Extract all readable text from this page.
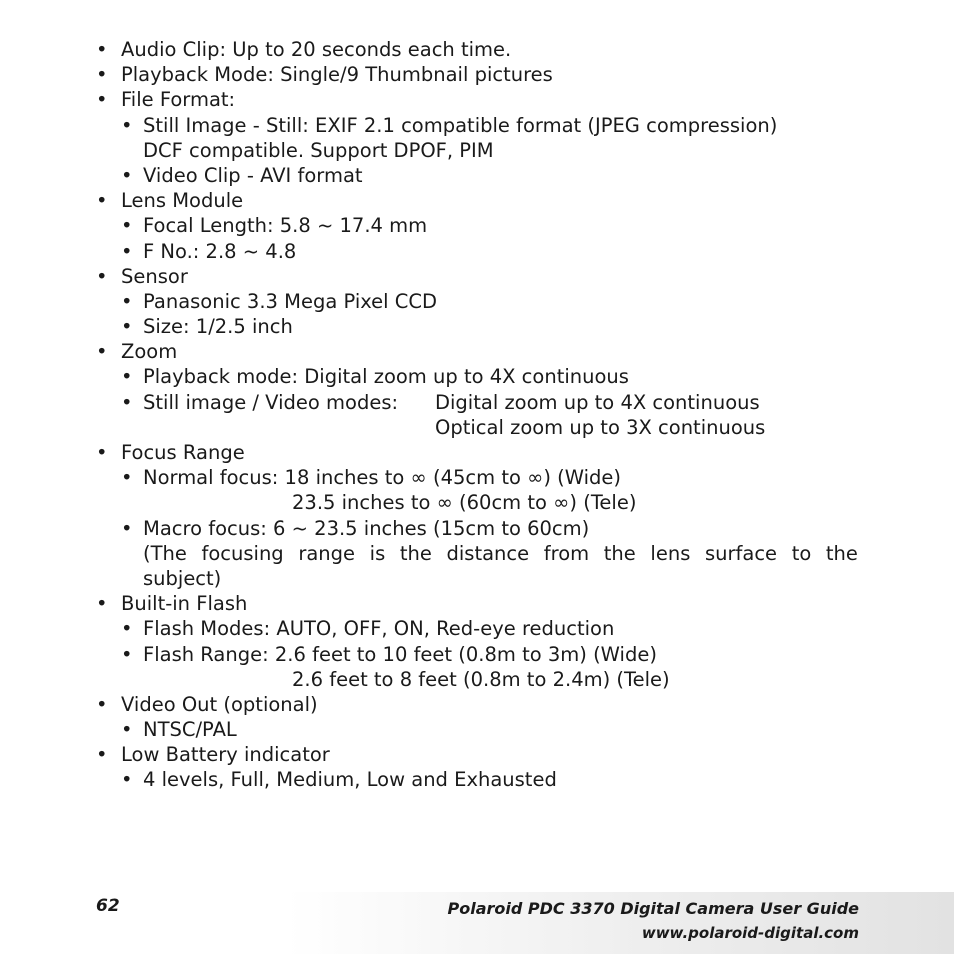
• Audio Clip: Up to 20 seconds each time.
• Playback Mode: Single/9 Thumbnail pictures
• File Format:
• Still Image - Still: EXIF 2.1 compatible format (JPEG compression)
DCF compatible. Support DPOF, PIM
• Video Clip - AVI format
• Lens Module
• Focal Length: 5.8 ~ 17.4 mm
• F No.: 2.8 ~ 4.8
• Sensor
• Panasonic 3.3 Mega Pixel CCD
• Size: 1/2.5 inch
• Zoom
• Playback mode: Digital zoom up to 4X continuous
• Still image / Video modes: Digital zoom up to 4X continuous
Optical zoom up to 3X continuous
• Focus Range
• Normal focus: 18 inches to ∞ (45cm to ∞) (Wide)
23.5 inches to ∞ (60cm to ∞) (Tele)
• Macro focus: 6 ~ 23.5 inches (15cm to 60cm)
(The focusing range is the distance from the lens surface to the
subject)
• Built-in Flash
• Flash Modes: AUTO, OFF, ON, Red-eye reduction
• Flash Range: 2.6 feet to 10 feet (0.8m to 3m) (Wide)
2.6 feet to 8 feet (0.8m to 2.4m) (Tele)
• Video Out (optional)
• NTSC/PAL
• Low Battery indicator
• 4 levels, Full, Medium, Low and Exhausted
62	Polaroid PDC 3370 Digital Camera User Guide
www.polaroid-digital.com
